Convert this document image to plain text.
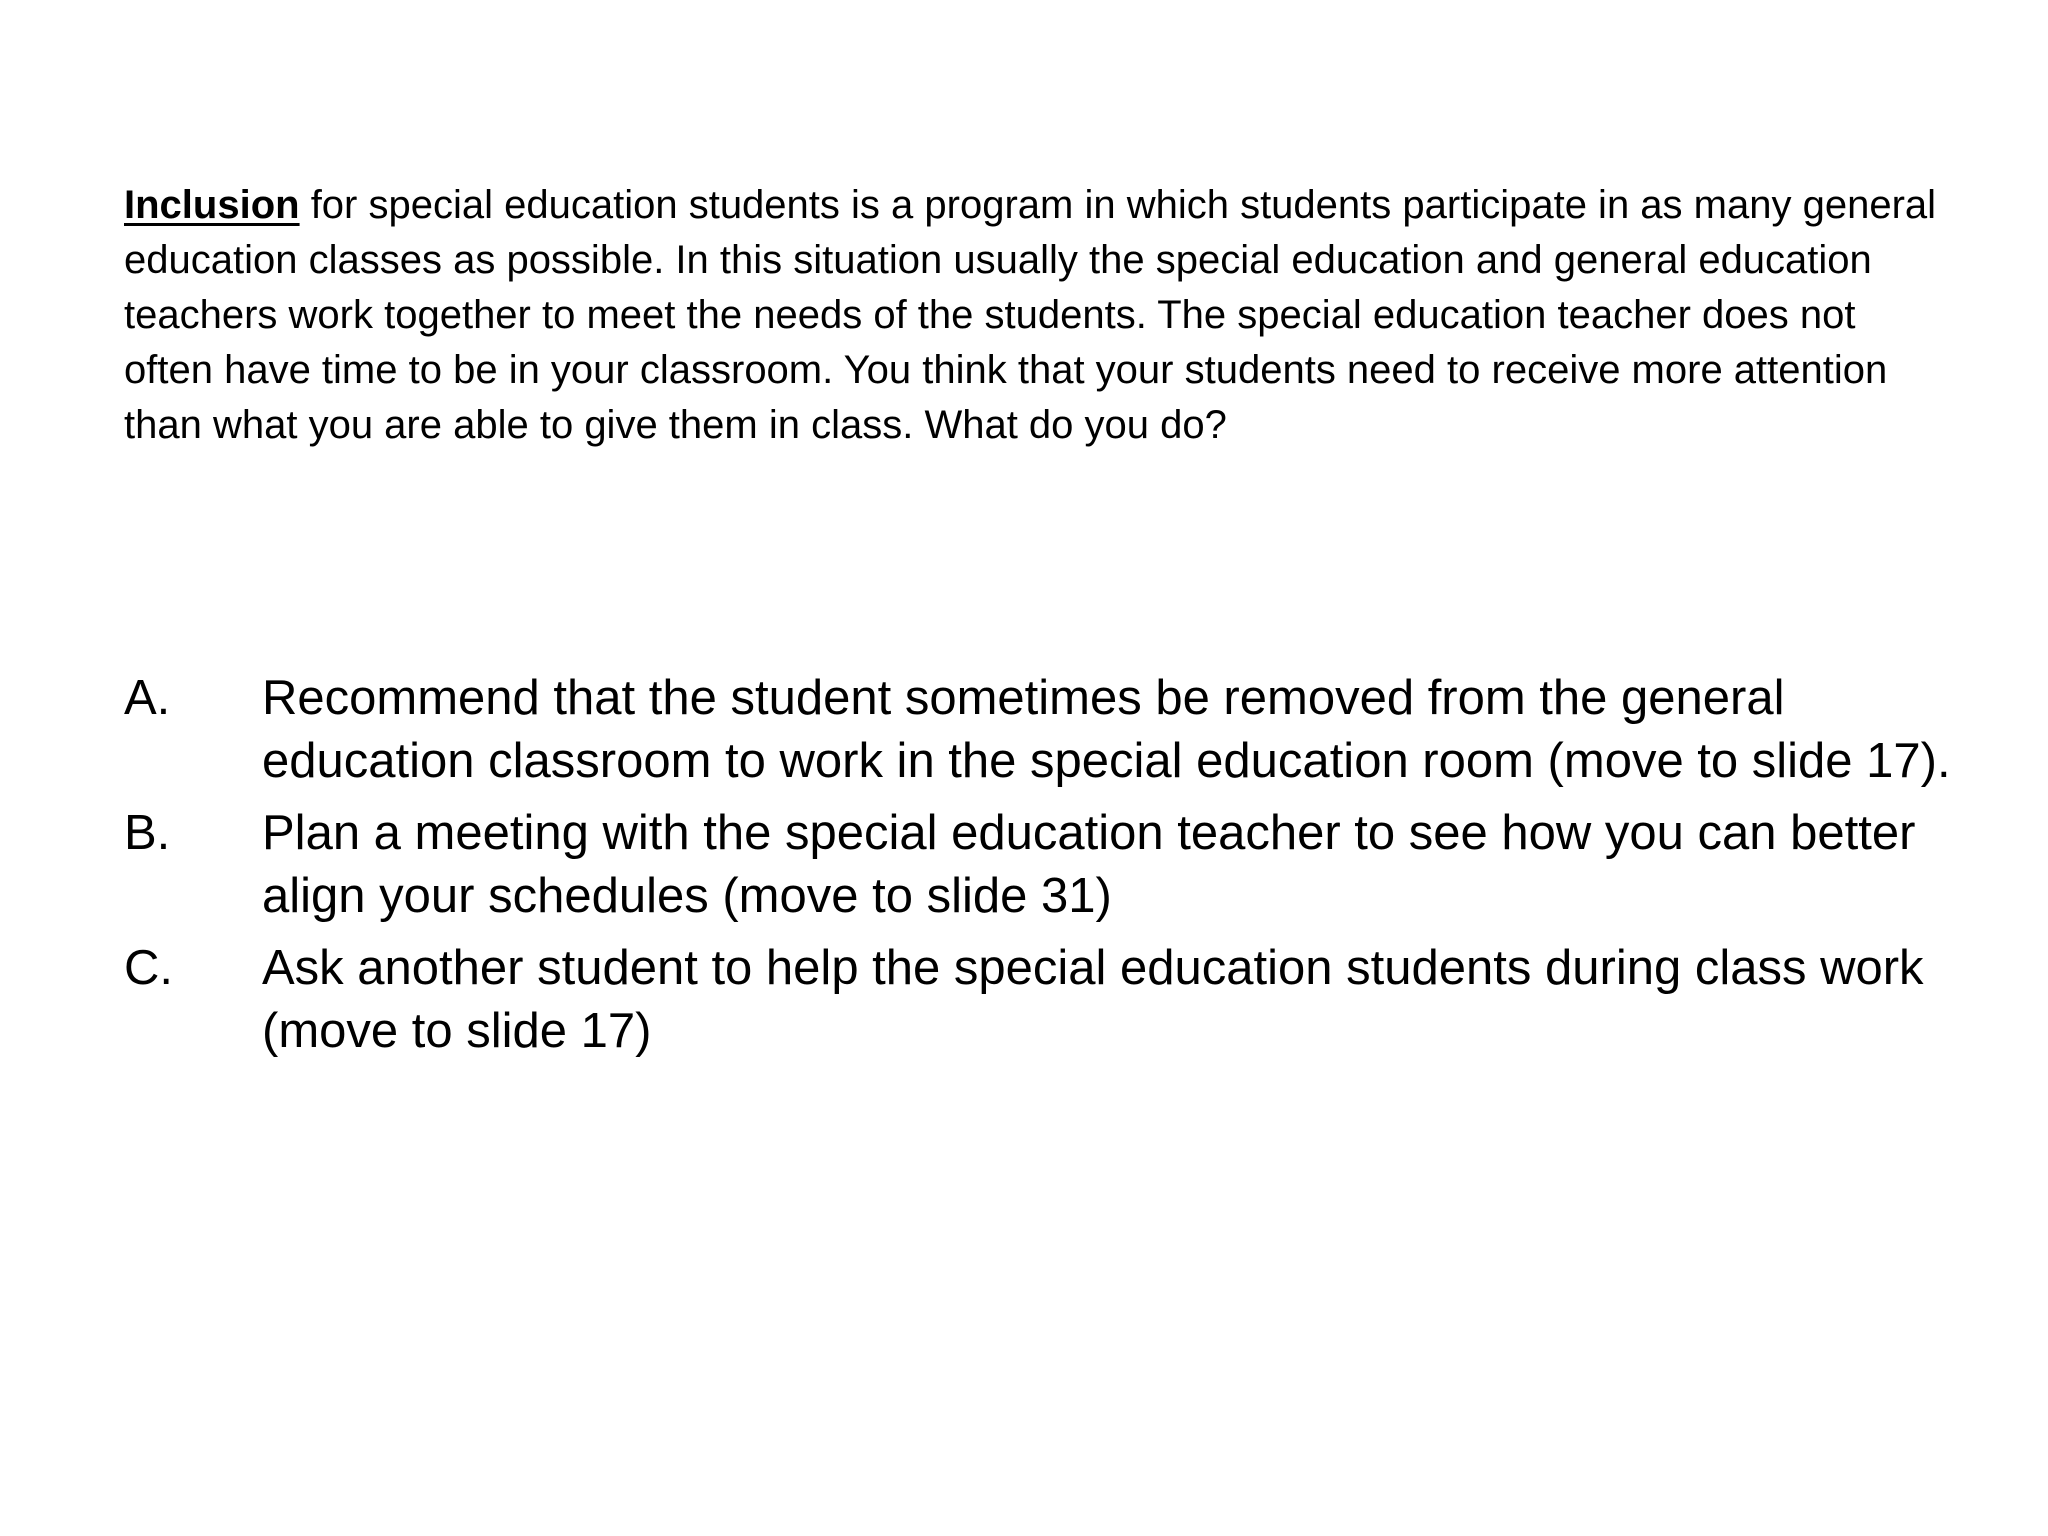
Inclusion for special education students is a program in which students participate in as many general education classes as possible. In this situation usually the special education and general education teachers work together to meet the needs of the students. The special education teacher does not often have time to be in your classroom. You think that your students need to receive more attention than what you are able to give them in class. What do you do?

A.	Recommend that the student sometimes be removed from the general education classroom to work in the special education room (move to slide 17).
B.	Plan a meeting with the special education teacher to see how you can better align your schedules (move to slide 31)
C.	Ask another student to help the special education students during class work (move to slide 17)
